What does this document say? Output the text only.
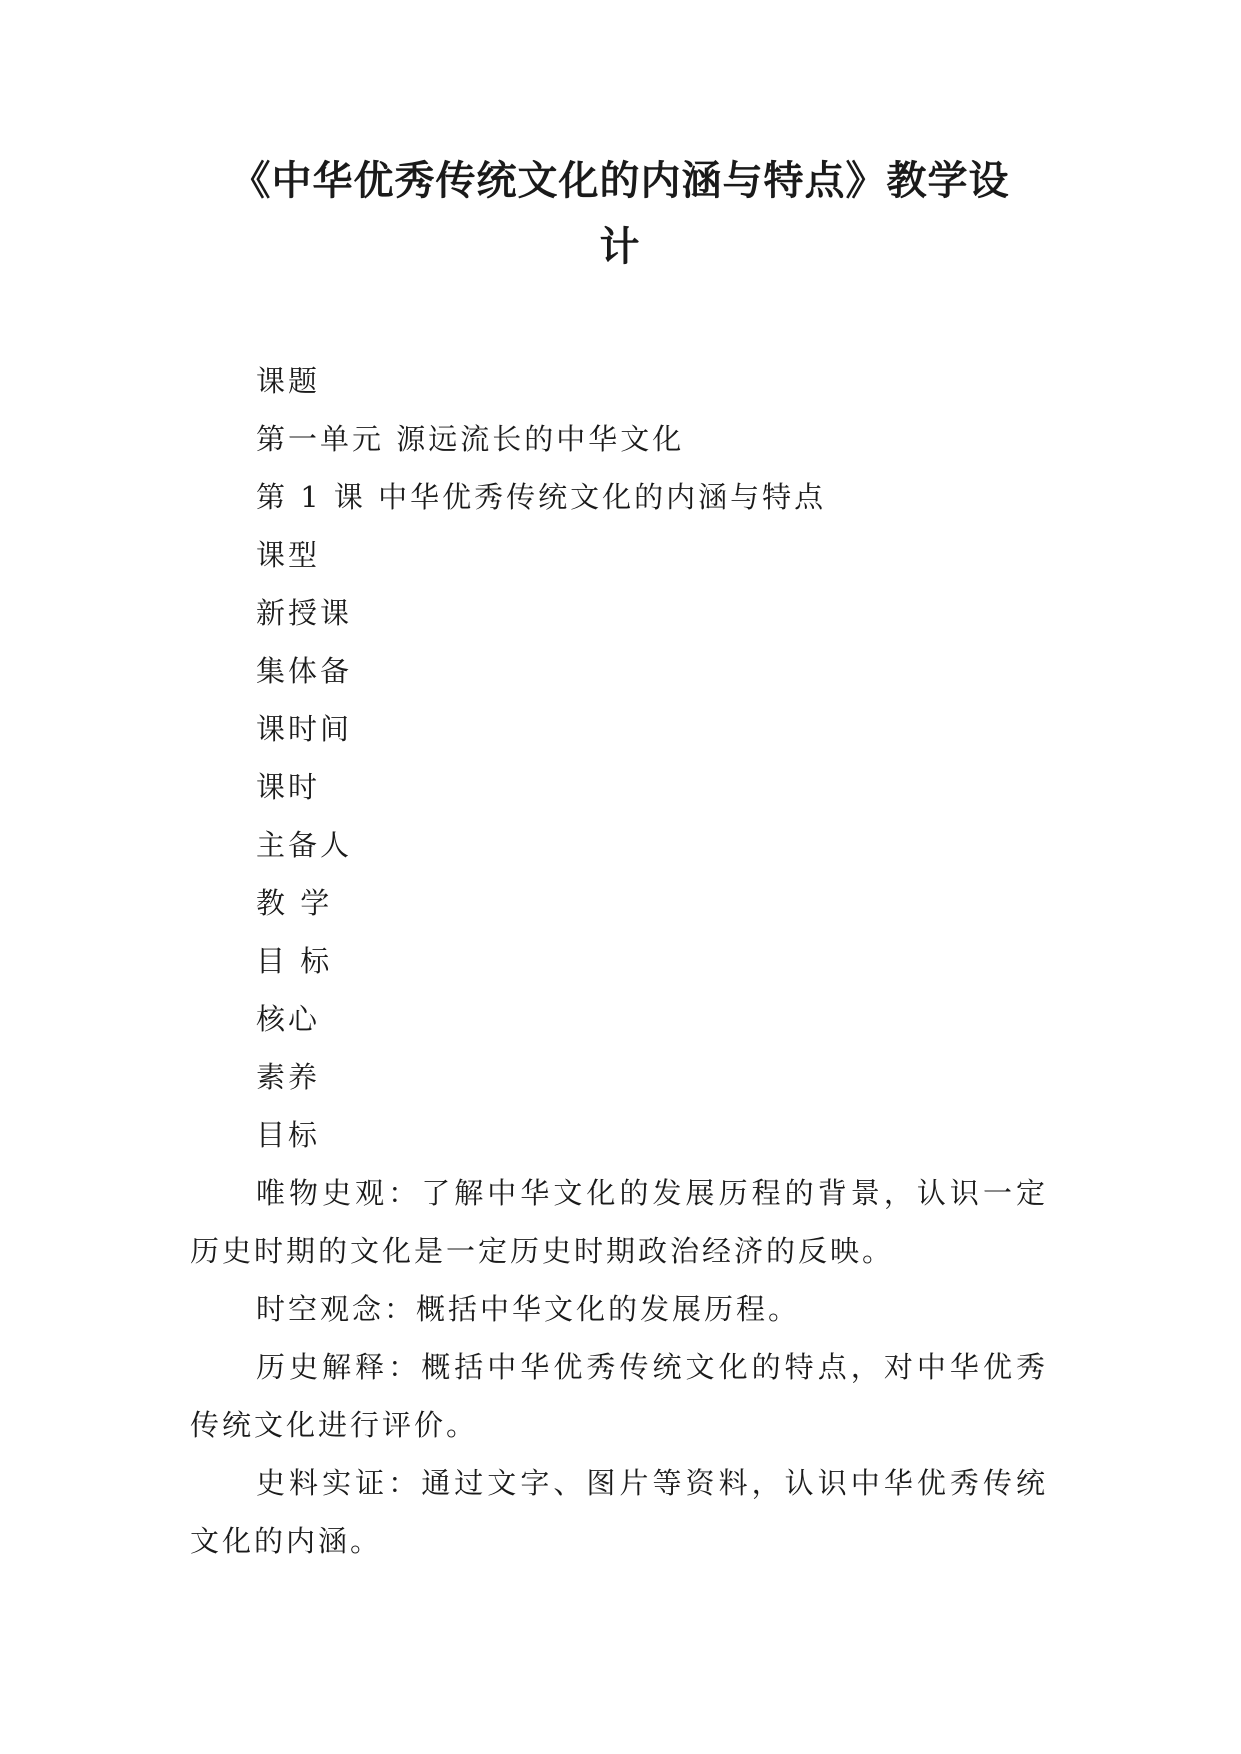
《中华优秀传统文化的内涵与特点》教学设
计

课题

第一单元 源远流长的中华文化

第 1 课 中华优秀传统文化的内涵与特点

课型

新授课

集体备

课时间

课时

主备人

教 学

目 标

核心

素养

目标

唯物史观：了解中华文化的发展历程的背景，认识一定历史时期的文化是一定历史时期政治经济的反映。

时空观念：概括中华文化的发展历程。

历史解释：概括中华优秀传统文化的特点，对中华优秀传统文化进行评价。

史料实证：通过文字、图片等资料，认识中华优秀传统文化的内涵。
